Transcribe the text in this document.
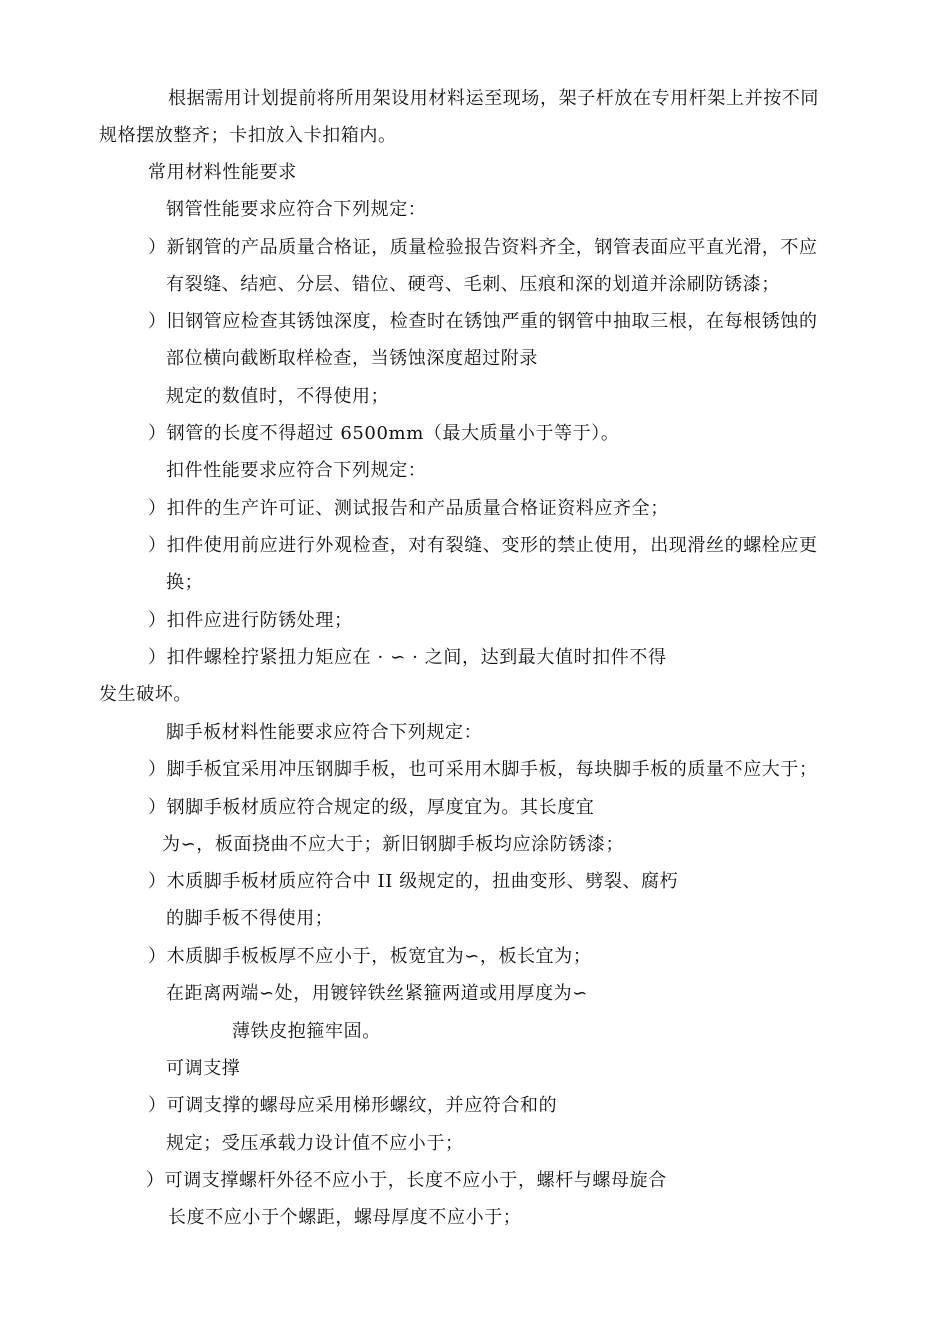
根据需用计划提前将所用架设用材料运至现场，架子杆放在专用杆架上并按不同
规格摆放整齐；卡扣放入卡扣箱内。
常用材料性能要求
钢管性能要求应符合下列规定：
）新钢管的产品质量合格证，质量检验报告资料齐全，钢管表面应平直光滑，不应
有裂缝、结疤、分层、错位、硬弯、毛刺、压痕和深的划道并涂刷防锈漆；
）旧钢管应检查其锈蚀深度，检查时在锈蚀严重的钢管中抽取三根，在每根锈蚀的
部位横向截断取样检查，当锈蚀深度超过附录
规定的数值时，不得使用；
）钢管的长度不得超过 6500mm（最大质量小于等于）。
扣件性能要求应符合下列规定：
）扣件的生产许可证、测试报告和产品质量合格证资料应齐全；
）扣件使用前应进行外观检查，对有裂缝、变形的禁止使用，出现滑丝的螺栓应更
换；
）扣件应进行防锈处理；
）扣件螺栓拧紧扭力矩应在 · ∽ · 之间，达到最大值时扣件不得
发生破坏。
脚手板材料性能要求应符合下列规定：
）脚手板宜采用冲压钢脚手板，也可采用木脚手板，每块脚手板的质量不应大于；
）钢脚手板材质应符合规定的级，厚度宜为。其长度宜
为∽，板面挠曲不应大于；新旧钢脚手板均应涂防锈漆；
）木质脚手板材质应符合中 II 级规定的，扭曲变形、劈裂、腐朽
的脚手板不得使用；
）木质脚手板板厚不应小于，板宽宜为∽，板长宜为；
在距离两端∽处，用镀锌铁丝紧箍两道或用厚度为∽
薄铁皮抱箍牢固。
可调支撑
）可调支撑的螺母应采用梯形螺纹，并应符合和的
规定；受压承载力设计值不应小于；
）可调支撑螺杆外径不应小于，长度不应小于，螺杆与螺母旋合
长度不应小于个螺距，螺母厚度不应小于；
